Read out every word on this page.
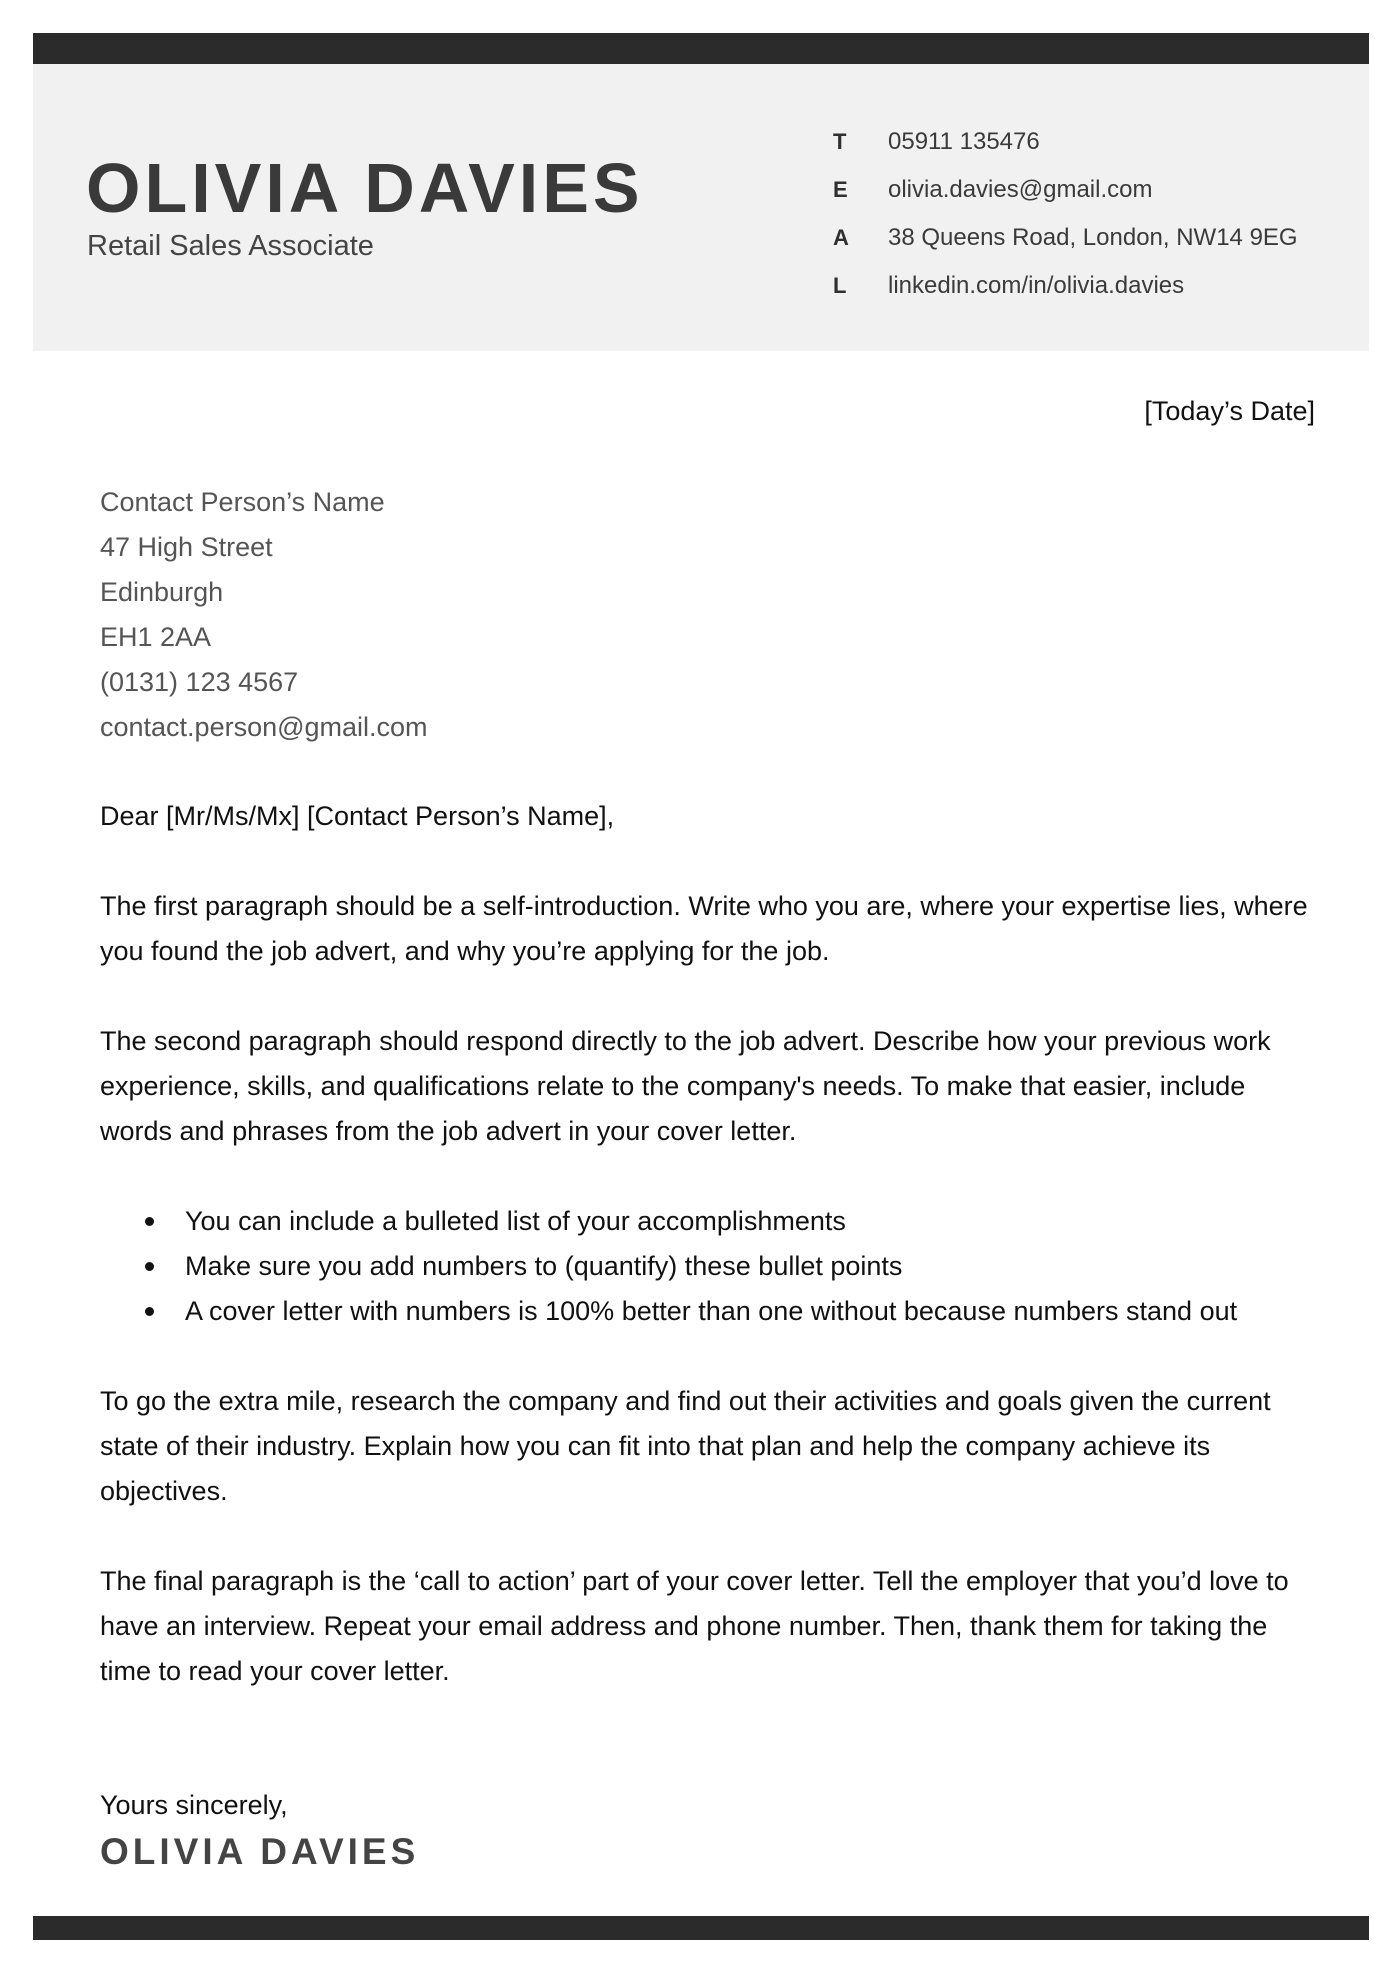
OLIVIA DAVIES
Retail Sales Associate
T	05911 135476
E	olivia.davies@gmail.com
A	38 Queens Road, London, NW14 9EG
L	linkedin.com/in/olivia.davies
[Today’s Date]
Contact Person’s Name
47 High Street
Edinburgh
EH1 2AA
(0131) 123 4567
contact.person@gmail.com

Dear [Mr/Ms/Mx] [Contact Person’s Name],

The first paragraph should be a self-introduction. Write who you are, where your expertise lies, where you found the job advert, and why you’re applying for the job.

The second paragraph should respond directly to the job advert. Describe how your previous work experience, skills, and qualifications relate to the company's needs. To make that easier, include words and phrases from the job advert in your cover letter.

You can include a bulleted list of your accomplishments
Make sure you add numbers to (quantify) these bullet points
A cover letter with numbers is 100% better than one without because numbers stand out

To go the extra mile, research the company and find out their activities and goals given the current state of their industry. Explain how you can fit into that plan and help the company achieve its objectives.

The final paragraph is the ‘call to action’ part of your cover letter. Tell the employer that you’d love to have an interview. Repeat your email address and phone number. Then, thank them for taking the time to read your cover letter.

Yours sincerely,
OLIVIA DAVIES
